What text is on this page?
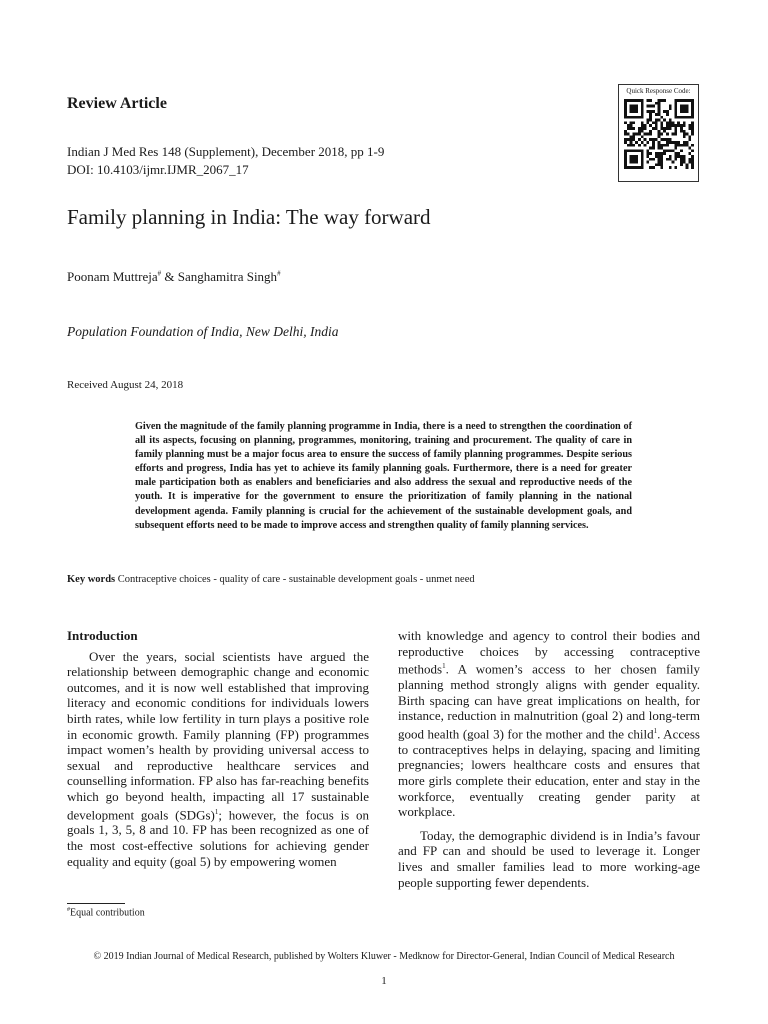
Review Article
Indian J Med Res 148 (Supplement), December 2018, pp 1-9
DOI: 10.4103/ijmr.IJMR_2067_17
Quick Response Code:
Family planning in India: The way forward
Poonam Muttreja# & Sanghamitra Singh#
Population Foundation of India, New Delhi, India
Received August 24, 2018

Given the magnitude of the family planning programme in India, there is a need to strengthen the coordination of all its aspects, focusing on planning, programmes, monitoring, training and procurement. The quality of care in family planning must be a major focus area to ensure the success of family planning programmes. Despite serious efforts and progress, India has yet to achieve its family planning goals. Furthermore, there is a need for greater male participation both as enablers and beneficiaries and also address the sexual and reproductive needs of the youth. It is imperative for the government to ensure the prioritization of family planning in the national development agenda. Family planning is crucial for the achievement of the sustainable development goals, and subsequent efforts need to be made to improve access and strengthen quality of family planning services.

Key words Contraceptive choices - quality of care - sustainable development goals - unmet need
Introduction

Over the years, social scientists have argued the relationship between demographic change and economic outcomes, and it is now well established that improving literacy and economic conditions for individuals lowers birth rates, while low fertility in turn plays a positive role in economic growth. Family planning (FP) programmes impact women’s health by providing universal access to sexual and reproductive healthcare services and counselling information. FP also has far-reaching benefits which go beyond health, impacting all 17 sustainable development goals (SDGs)$^1$; however, the focus is on goals 1, 3, 5, 8 and 10. FP has been recognized as one of the most cost-effective solutions for achieving gender equality and equity (goal 5) by empowering women

with knowledge and agency to control their bodies and reproductive choices by accessing contraceptive methods$^1$. A women’s access to her chosen family planning method strongly aligns with gender equality. Birth spacing can have great implications on health, for instance, reduction in malnutrition (goal 2) and long-term good health (goal 3) for the mother and the child$^1$. Access to contraceptives helps in delaying, spacing and limiting pregnancies; lowers healthcare costs and ensures that more girls complete their education, enter and stay in the workforce, eventually creating gender parity at workplace.

Today, the demographic dividend is in India’s favour and FP can and should be used to leverage it. Longer lives and smaller families lead to more working-age people supporting fewer dependents.

#Equal contribution
© 2019 Indian Journal of Medical Research, published by Wolters Kluwer - Medknow for Director-General, Indian Council of Medical Research
1
